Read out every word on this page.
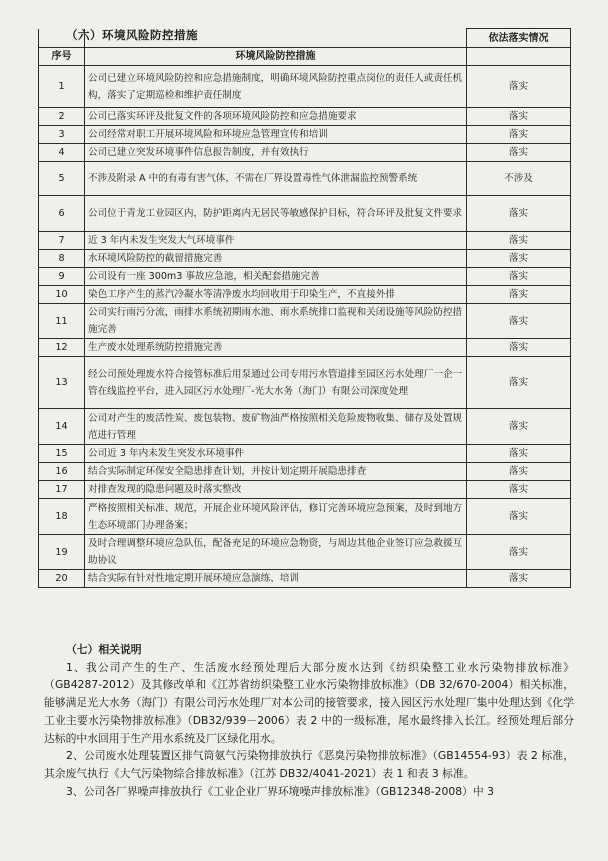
（六）环境风险防控措施
			依法落实情况
序号	环境风险防控措施	
1	公司已建立环境风险防控和应急措施制度，明确环境风险防控重点岗位的责任人或责任机构，落实了定期巡检和维护责任制度	落实
2	公司已落实环评及批复文件的各项环境风险防控和应急措施要求	落实
3	公司经常对职工开展环境风险和环境应急管理宣传和培训	落实
4	公司已建立突发环境事件信息报告制度，并有效执行	落实
5	不涉及附录 A 中的有毒有害气体，不需在厂界设置毒性气体泄漏监控预警系统	不涉及
6	公司位于青龙工业园区内，防护距离内无居民等敏感保护目标，符合环评及批复文件要求	落实
7	近 3 年内未发生突发大气环境事件	落实
8	水环境风险防控的截留措施完善	落实
9	公司设有一座 300m3 事故应急池，相关配套措施完善	落实
10	染色工序产生的蒸汽冷凝水等清净废水均回收用于印染生产，不直接外排	落实
11	公司实行雨污分流，雨排水系统初期雨水池、雨水系统排口监视和关闭设施等风险防控措施完善	落实
12	生产废水处理系统防控措施完善	落实
13	经公司预处理废水符合接管标准后用泵通过公司专用污水管道排至园区污水处理厂一企一管在线监控平台，进入园区污水处理厂-光大水务（海门）有限公司深度处理	落实
14	公司对产生的废活性炭、废包装物、废矿物油严格按照相关危险废物收集、储存及处置规范进行管理	落实
15	公司近 3 年内未发生突发水环境事件	落实
16	结合实际制定环保安全隐患排查计划，并按计划定期开展隐患排查	落实
17	对排查发现的隐患问题及时落实整改	落实
18	严格按照相关标准、规范，开展企业环境风险评估，修订完善环境应急预案，及时到地方生态环境部门办理备案；	落实
19	及时合理调整环境应急队伍，配备充足的环境应急物资，与周边其他企业签订应急救援互助协议	落实
20	结合实际有针对性地定期开展环境应急演练、培训	落实

（七）相关说明

1、我公司产生的生产、生活废水经预处理后大部分废水达到《纺织染整工业水污染物排放标准》（GB4287-2012）及其修改单和《江苏省纺织染整工业水污染物排放标准》（DB 32/670-2004）相关标准，能够满足光大水务（海门）有限公司污水处理厂对本公司的接管要求，接入园区污水处理厂集中处理达到《化学工业主要水污染物排放标准》（DB32/939－2006）表 2 中的一级标准，尾水最终排入长江。经预处理后部分达标的中水回用于生产用水系统及厂区绿化用水。

2、公司废水处理装置区排气筒氨气污染物排放执行《恶臭污染物排放标准》（GB14554-93）表 2 标准，其余废气执行《大气污染物综合排放标准》（江苏 DB32/4041-2021）表 1 和表 3 标准。

3、公司各厂界噪声排放执行《工业企业厂界环境噪声排放标准》（GB12348-2008）中 3
